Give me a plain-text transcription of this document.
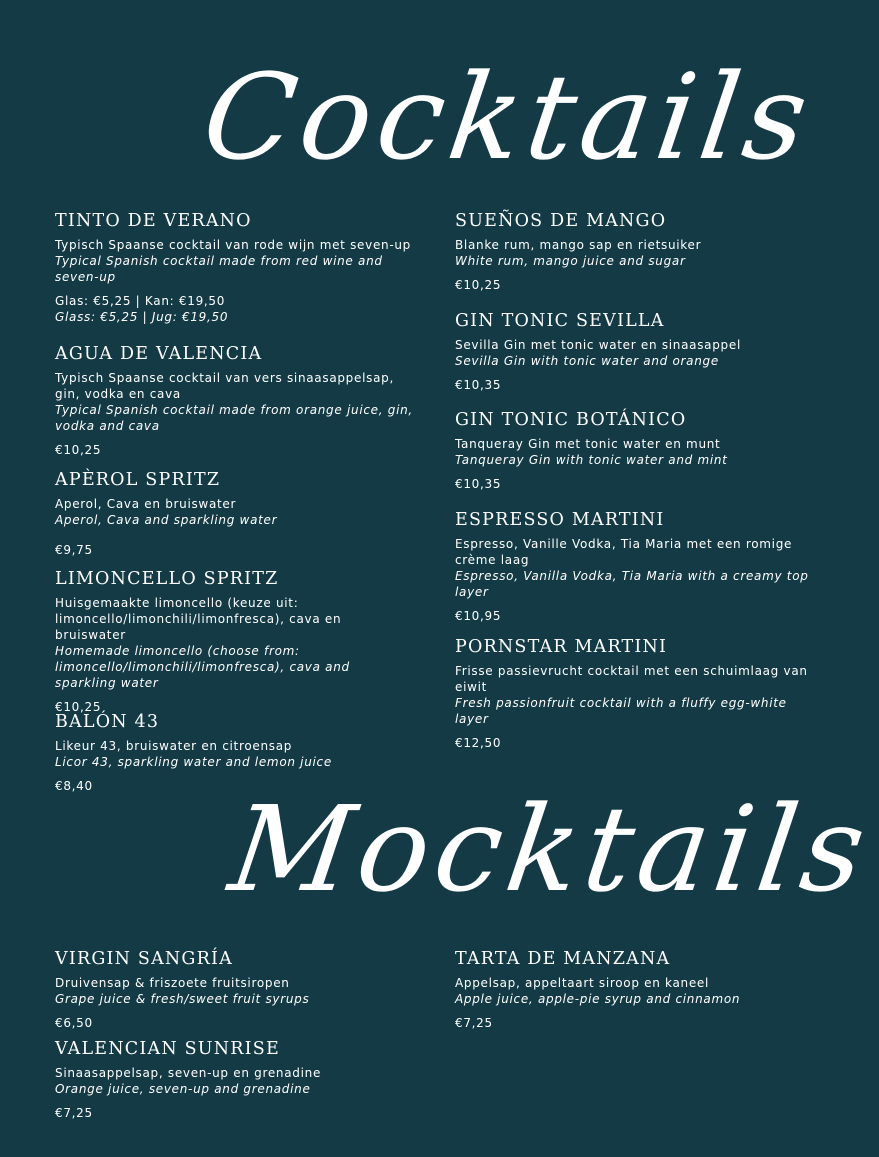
Cocktails
TINTO DE VERANO
Typisch Spaanse cocktail van rode wijn met seven-up
Typical Spanish cocktail made from red wine and seven-up
Glas: €5,25 | Kan: €19,50
Glass: €5,25 | Jug: €19,50
AGUA DE VALENCIA
Typisch Spaanse cocktail van vers sinaasappelsap, gin, vodka en cava
Typical Spanish cocktail made from orange juice, gin, vodka and cava
€10,25
APÈROL SPRITZ
Aperol, Cava en bruiswater
Aperol, Cava and sparkling water
€9,75
LIMONCELLO SPRITZ
Huisgemaakte limoncello (keuze uit: limoncello/limonchili/limonfresca), cava en bruiswater
Homemade limoncello (choose from: limoncello/limonchili/limonfresca), cava and sparkling water
€10,25
BALÓN 43
Likeur 43, bruiswater en citroensap
Licor 43, sparkling water and lemon juice
€8,40
SUEÑOS DE MANGO
Blanke rum, mango sap en rietsuiker
White rum, mango juice and sugar
€10,25
GIN TONIC SEVILLA
Sevilla Gin met tonic water en sinaasappel
Sevilla Gin with tonic water and orange
€10,35
GIN TONIC BOTÁNICO
Tanqueray Gin met tonic water en munt
Tanqueray Gin with tonic water and mint
€10,35
ESPRESSO MARTINI
Espresso, Vanille Vodka, Tia Maria met een romige crème laag
Espresso, Vanilla Vodka, Tia Maria with a creamy top layer
€10,95
PORNSTAR MARTINI
Frisse passievrucht cocktail met een schuimlaag van eiwit
Fresh passionfruit cocktail with a fluffy egg-white layer
€12,50
Mocktails
VIRGIN SANGRÍA
Druivensap & friszoete fruitsiropen
Grape juice & fresh/sweet fruit syrups
€6,50
VALENCIAN SUNRISE
Sinaasappelsap, seven-up en grenadine
Orange juice, seven-up and grenadine
€7,25
TARTA DE MANZANA
Appelsap, appeltaart siroop en kaneel
Apple juice, apple-pie syrup and cinnamon
€7,25
